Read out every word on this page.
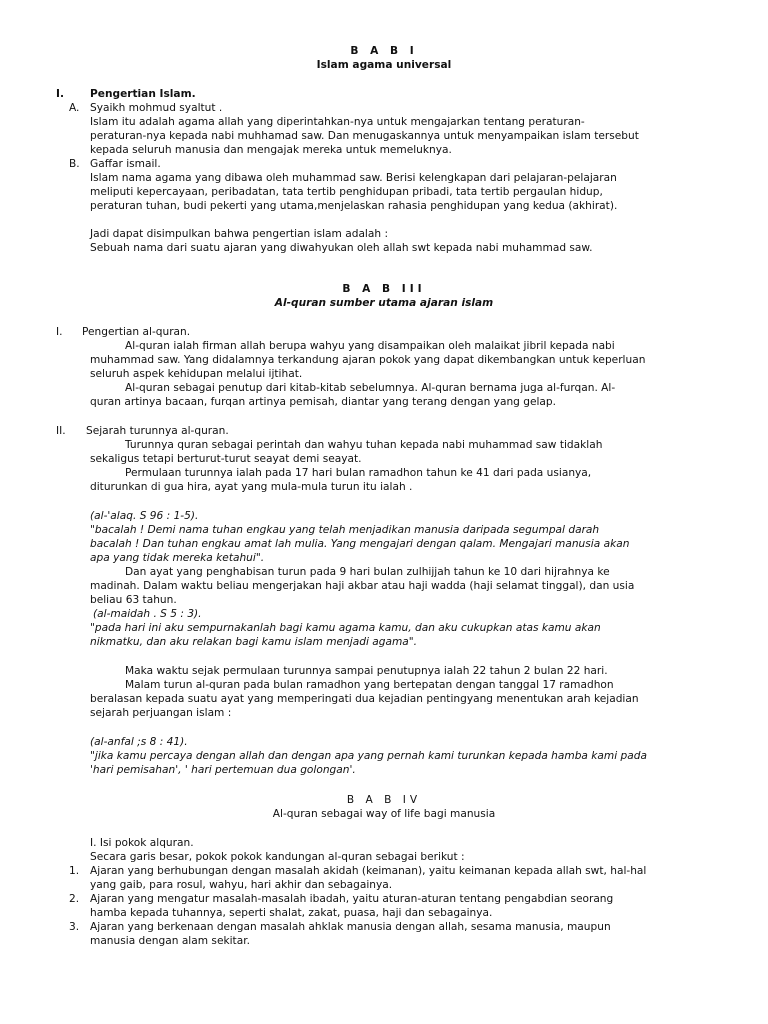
B A B I
Islam agama universal
I. Pengertian Islam.
A. Syaikh mohmud syaltut .
Islam itu adalah agama allah yang diperintahkan-nya untuk mengajarkan tentang peraturan-
peraturan-nya kepada nabi muhhamad saw. Dan menugaskannya untuk menyampaikan islam tersebut
kepada seluruh manusia dan mengajak mereka untuk memeluknya.
B. Gaffar ismail.
Islam nama agama yang dibawa oleh muhammad saw. Berisi kelengkapan dari pelajaran-pelajaran
meliputi kepercayaan, peribadatan, tata tertib penghidupan pribadi, tata tertib pergaulan hidup,
peraturan tuhan, budi pekerti yang utama,menjelaskan rahasia penghidupan yang kedua (akhirat).
Jadi dapat disimpulkan bahwa pengertian islam adalah :
Sebuah nama dari suatu ajaran yang diwahyukan oleh allah swt kepada nabi muhammad saw.
B A B III
Al-quran sumber utama ajaran islam
I. Pengertian al-quran.
Al-quran ialah firman allah berupa wahyu yang disampaikan oleh malaikat jibril kepada nabi
muhammad saw. Yang didalamnya terkandung ajaran pokok yang dapat dikembangkan untuk keperluan
seluruh aspek kehidupan melalui ijtihat.
Al-quran sebagai penutup dari kitab-kitab sebelumnya. Al-quran bernama juga al-furqan. Al-
quran artinya bacaan, furqan artinya pemisah, diantar yang terang dengan yang gelap.
II. Sejarah turunnya al-quran.
Turunnya quran sebagai perintah dan wahyu tuhan kepada nabi muhammad saw tidaklah
sekaligus tetapi berturut-turut seayat demi seayat.
Permulaan turunnya ialah pada 17 hari bulan ramadhon tahun ke 41 dari pada usianya,
diturunkan di gua hira, ayat yang mula-mula turun itu ialah .
(al-'alaq. S 96 : 1-5).
"bacalah ! Demi nama tuhan engkau yang telah menjadikan manusia daripada segumpal darah
bacalah ! Dan tuhan engkau amat lah mulia. Yang mengajari dengan qalam. Mengajari manusia akan
apa yang tidak mereka ketahui".
Dan ayat yang penghabisan turun pada 9 hari bulan zulhijjah tahun ke 10 dari hijrahnya ke
madinah. Dalam waktu beliau mengerjakan haji akbar atau haji wadda (haji selamat tinggal), dan usia
beliau 63 tahun.
(al-maidah . S 5 : 3).
"pada hari ini aku sempurnakanlah bagi kamu agama kamu, dan aku cukupkan atas kamu akan
nikmatku, dan aku relakan bagi kamu islam menjadi agama".
Maka waktu sejak permulaan turunnya sampai penutupnya ialah 22 tahun 2 bulan 22 hari.
Malam turun al-quran pada bulan ramadhon yang bertepatan dengan tanggal 17 ramadhon
beralasan kepada suatu ayat yang memperingati dua kejadian pentingyang menentukan arah kejadian
sejarah perjuangan islam :
(al-anfal ;s 8 : 41).
"jika kamu percaya dengan allah dan dengan apa yang pernah kami turunkan kepada hamba kami pada
'hari pemisahan', ' hari pertemuan dua golongan'.
B A B IV
Al-quran sebagai way of life bagi manusia
I. Isi pokok alquran.
Secara garis besar, pokok pokok kandungan al-quran sebagai berikut :
1. Ajaran yang berhubungan dengan masalah akidah (keimanan), yaitu keimanan kepada allah swt, hal-hal
yang gaib, para rosul, wahyu, hari akhir dan sebagainya.
2. Ajaran yang mengatur masalah-masalah ibadah, yaitu aturan-aturan tentang pengabdian seorang
hamba kepada tuhannya, seperti shalat, zakat, puasa, haji dan sebagainya.
3. Ajaran yang berkenaan dengan masalah ahklak manusia dengan allah, sesama manusia, maupun
manusia dengan alam sekitar.
